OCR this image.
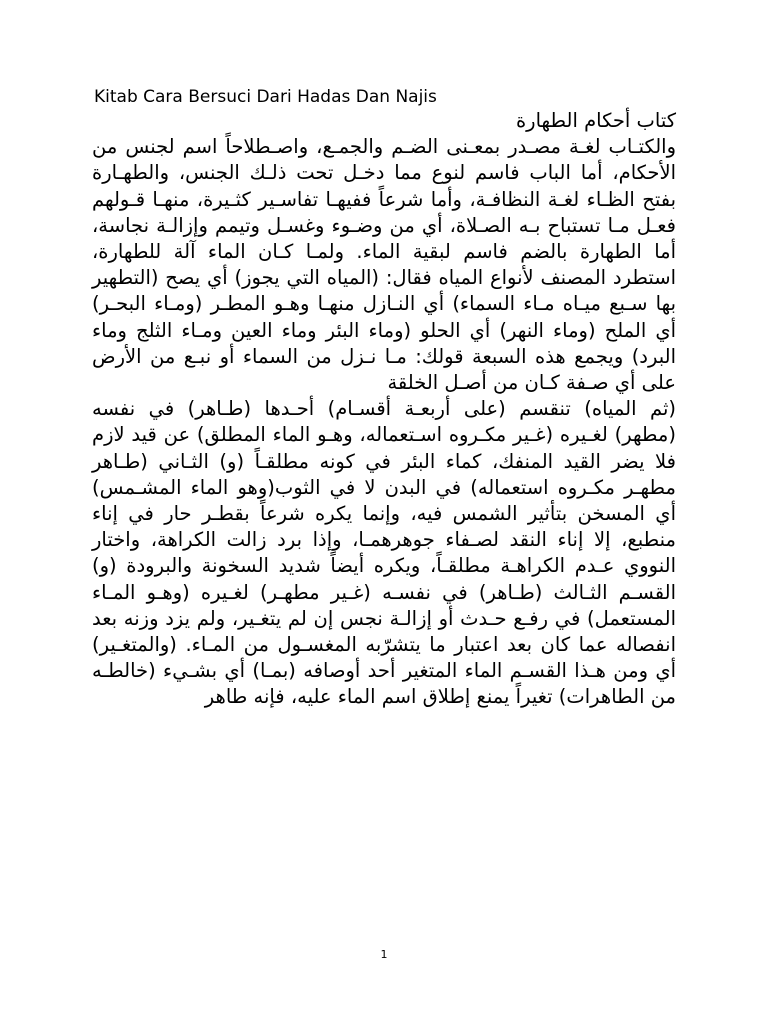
Kitab Cara Bersuci Dari Hadas Dan Najis

كتاب أحكام الطهارة

والكتـاب لغـة مصـدر بمعـنى الضـم والجمـع، واصـطلاحاً اسم لجنس من الأحكام، أما الباب فاسم لنوع مما دخـل تحت ذلـك الجنس، والطهـارة بفتح الظـاء لغـة النظافـة، وأما شرعاً ففيهـا تفاسـير كثـيرة، منهـا قـولهم فعـل مـا تستباح بـه الصـلاة، أي من وضـوء وغسـل وتيمم وإزالـة نجاسة، أما الطهارة بالضم فاسم لبقية الماء. ولمـا كـان الماء آلة للطهارة، استطرد المصنف لأنواع المياه فقال: (المياه التي يجوز) أي يصح (التطهير بها سـبع ميـاه مـاء السماء) أي النـازل منهـا وهـو المطـر (ومـاء البحـر) أي الملح (وماء النهر) أي الحلو (وماء البئر وماء العين ومـاء الثلج وماء البرد) ويجمع هذه السبعة قولك: مـا نـزل من السماء أو نبـع من الأرض على أي صـفة كـان من أصـل الخلقة

(ثم المياه) تنقسم (على أربعـة أقسـام) أحـدها (طـاهر) في نفسه (مطهر) لغـيره (غـير مكـروه اسـتعماله، وهـو الماء المطلق) عن قيد لازم فلا يضر القيد المنفك، كماء البئر في كونه مطلقـاً (و) الثـاني (طـاهر مطهـر مكـروه استعماله) في البدن لا في الثوب(وهو الماء المشـمس) أي المسخن بتأثير الشمس فيه، وإنما يكره شرعاً بقطـر حار في إناء منطبع، إلا إناء النقد لصـفاء جوهرهمـا، وإذا برد زالت الكراهة، واختار النووي عـدم الكراهـة مطلقـاً، ويكره أيضاً شديد السخونة والبرودة (و) القسـم الثـالث (طـاهر) في نفسـه (غـير مطهـر) لغـيره (وهـو المـاء المستعمل) في رفـع حـدث أو إزالـة نجس إن لم يتغـير، ولم يزد وزنه بعد انفصاله عما كان بعد اعتبار ما يتشرّبه المغسـول من المـاء. (والمتغـير) أي ومن هـذا القسـم الماء المتغير أحد أوصافه (بمـا) أي بشـيء (خالطـه من الطاهرات) تغيراً يمنع إطلاق اسم الماء عليه، فإنه طاهر

1
